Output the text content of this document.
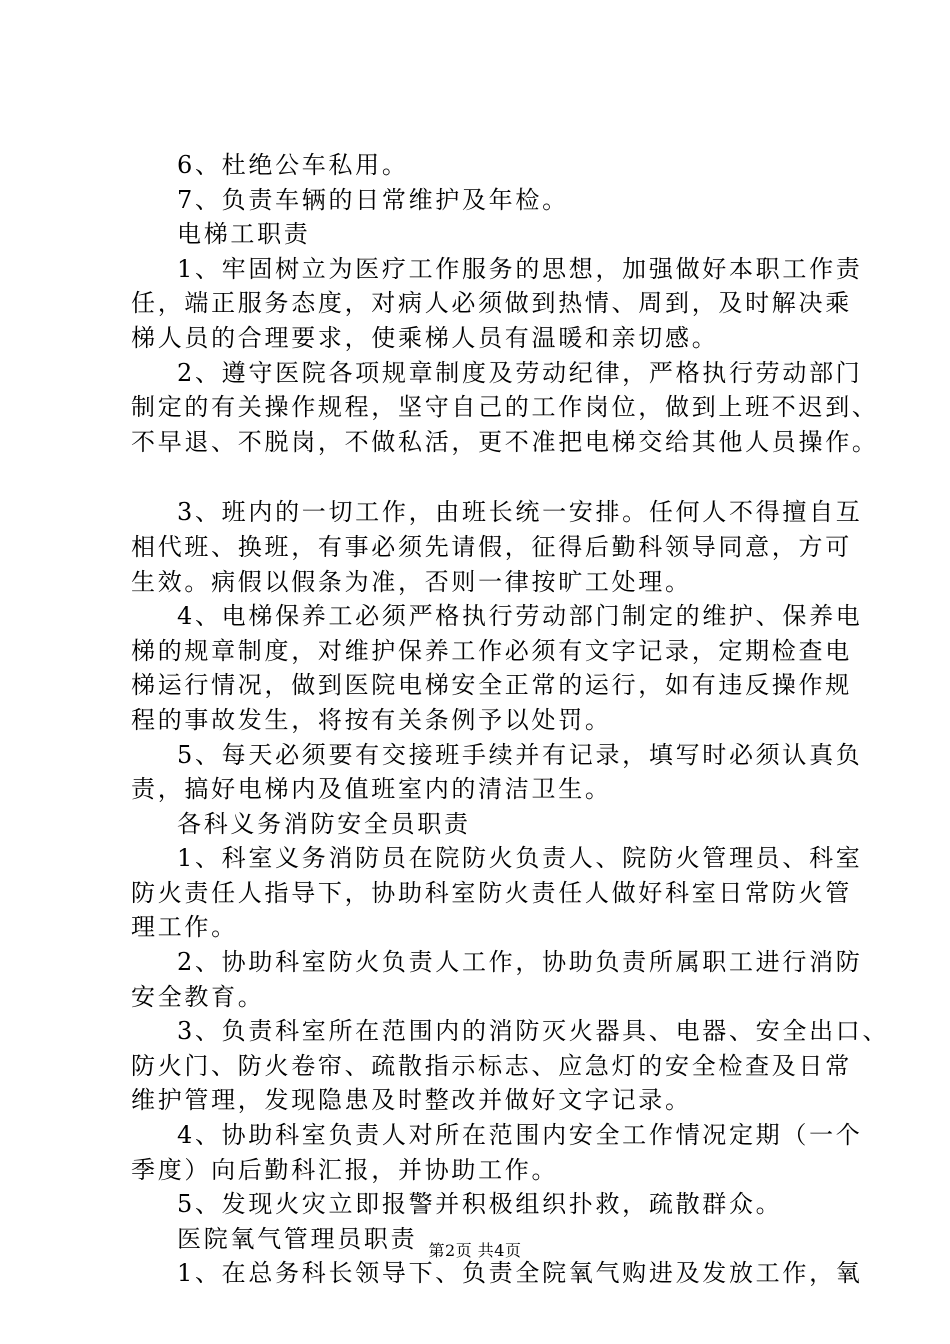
6、杜绝公车私用。
7、负责车辆的日常维护及年检。
电梯工职责
1、牢固树立为医疗工作服务的思想，加强做好本职工作责
任，端正服务态度，对病人必须做到热情、周到，及时解决乘
梯人员的合理要求，使乘梯人员有温暖和亲切感。
2、遵守医院各项规章制度及劳动纪律，严格执行劳动部门
制定的有关操作规程，坚守自己的工作岗位，做到上班不迟到、
不早退、不脱岗，不做私活，更不准把电梯交给其他人员操作。
3、班内的一切工作，由班长统一安排。任何人不得擅自互
相代班、换班，有事必须先请假，征得后勤科领导同意，方可
生效。病假以假条为准，否则一律按旷工处理。
4、电梯保养工必须严格执行劳动部门制定的维护、保养电
梯的规章制度，对维护保养工作必须有文字记录，定期检查电
梯运行情况，做到医院电梯安全正常的运行，如有违反操作规
程的事故发生，将按有关条例予以处罚。
5、每天必须要有交接班手续并有记录，填写时必须认真负
责，搞好电梯内及值班室内的清洁卫生。
各科义务消防安全员职责
1、科室义务消防员在院防火负责人、院防火管理员、科室
防火责任人指导下，协助科室防火责任人做好科室日常防火管
理工作。
2、协助科室防火负责人工作，协助负责所属职工进行消防
安全教育。
3、负责科室所在范围内的消防灭火器具、电器、安全出口、
防火门、防火卷帘、疏散指示标志、应急灯的安全检查及日常
维护管理，发现隐患及时整改并做好文字记录。
4、协助科室负责人对所在范围内安全工作情况定期（一个
季度）向后勤科汇报，并协助工作。
5、发现火灾立即报警并积极组织扑救，疏散群众。
医院氧气管理员职责
1、在总务科长领导下、负责全院氧气购进及发放工作，氧
第2页 共4页
